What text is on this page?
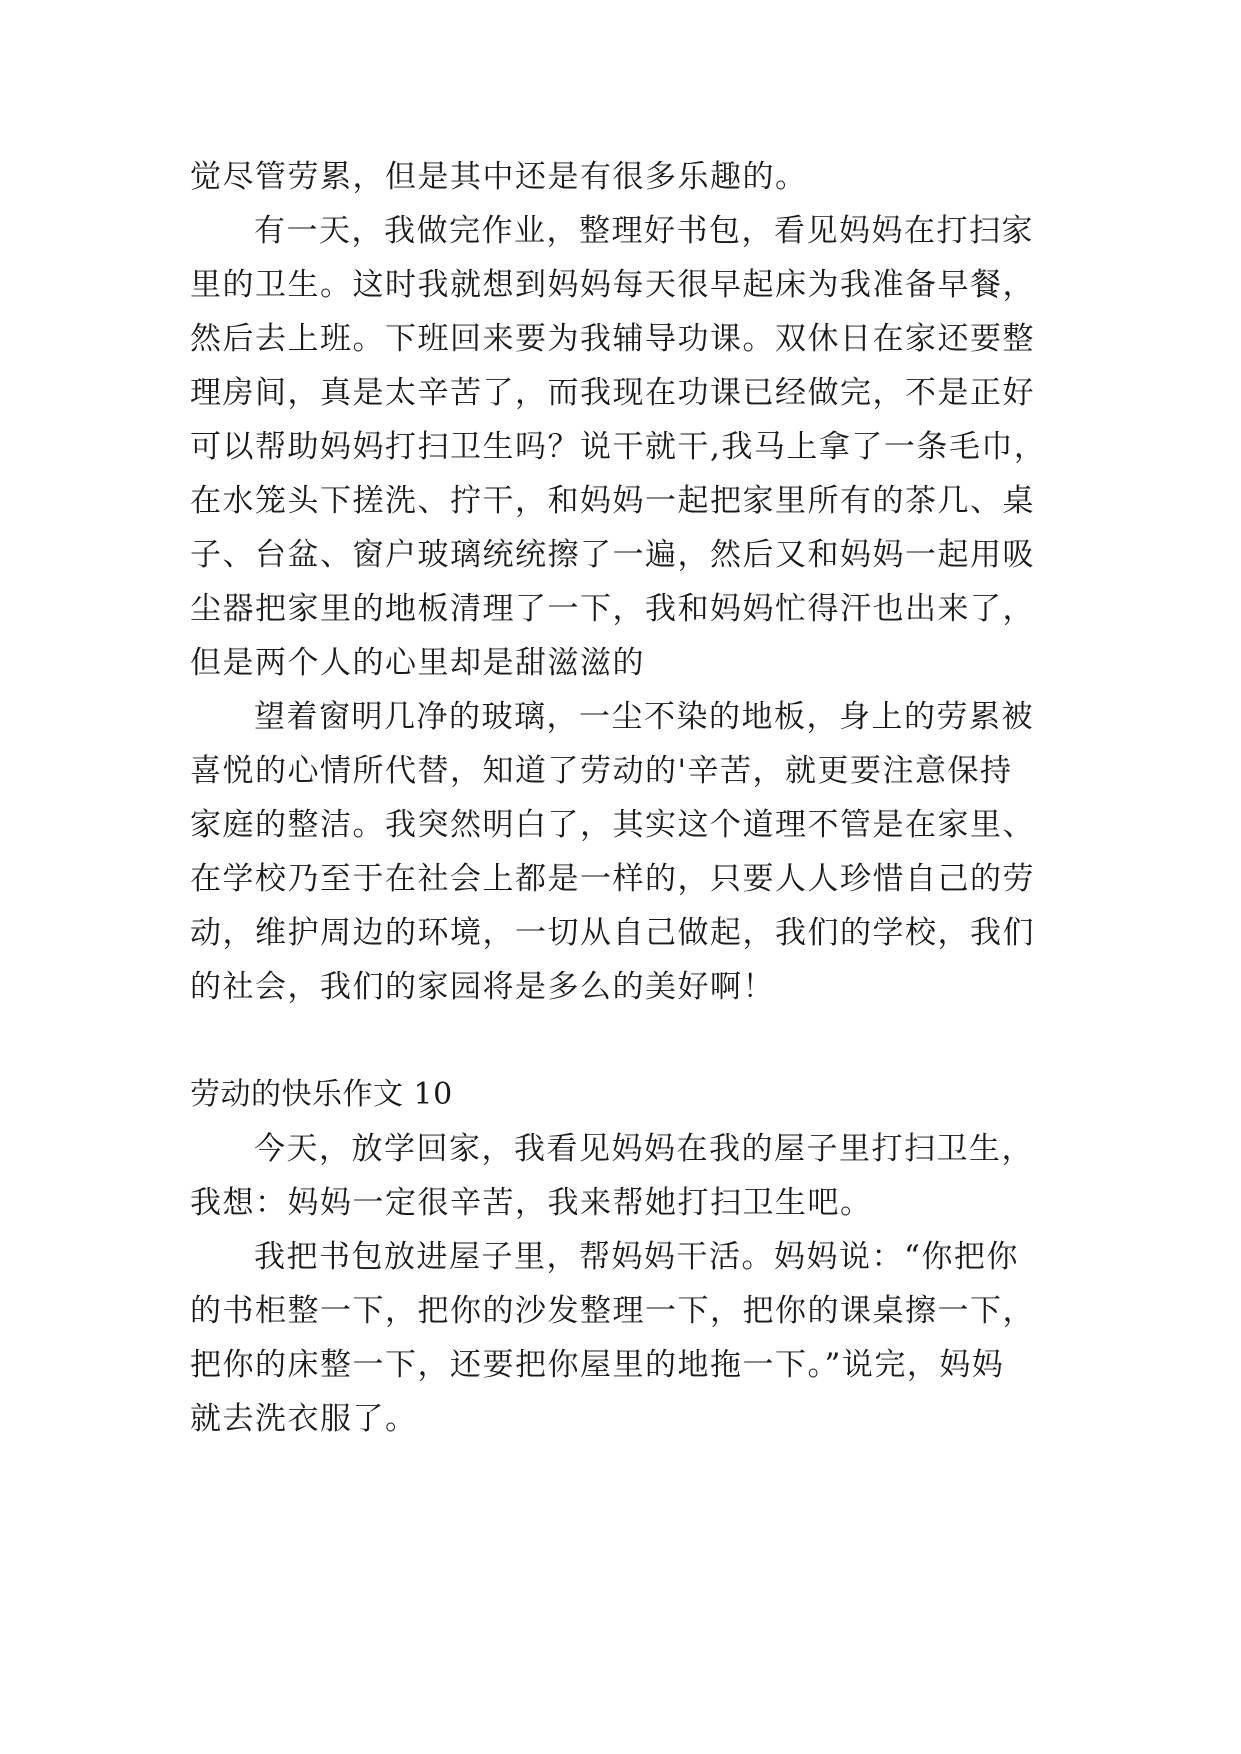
觉尽管劳累，但是其中还是有很多乐趣的。
有一天，我做完作业，整理好书包，看见妈妈在打扫家
里的卫生。这时我就想到妈妈每天很早起床为我准备早餐，
然后去上班。下班回来要为我辅导功课。双休日在家还要整
理房间，真是太辛苦了，而我现在功课已经做完，不是正好
可以帮助妈妈打扫卫生吗？说干就干,我马上拿了一条毛巾，
在水笼头下搓洗、拧干，和妈妈一起把家里所有的茶几、桌
子、台盆、窗户玻璃统统擦了一遍，然后又和妈妈一起用吸
尘器把家里的地板清理了一下，我和妈妈忙得汗也出来了，
但是两个人的心里却是甜滋滋的
望着窗明几净的玻璃，一尘不染的地板，身上的劳累被
喜悦的心情所代替，知道了劳动的'辛苦，就更要注意保持
家庭的整洁。我突然明白了，其实这个道理不管是在家里、
在学校乃至于在社会上都是一样的，只要人人珍惜自己的劳
动，维护周边的环境，一切从自己做起，我们的学校，我们
的社会，我们的家园将是多么的美好啊！
劳动的快乐作文 10
今天，放学回家，我看见妈妈在我的屋子里打扫卫生，
我想：妈妈一定很辛苦，我来帮她打扫卫生吧。
我把书包放进屋子里，帮妈妈干活。妈妈说：“你把你
的书柜整一下，把你的沙发整理一下，把你的课桌擦一下，
把你的床整一下，还要把你屋里的地拖一下。”说完，妈妈
就去洗衣服了。
